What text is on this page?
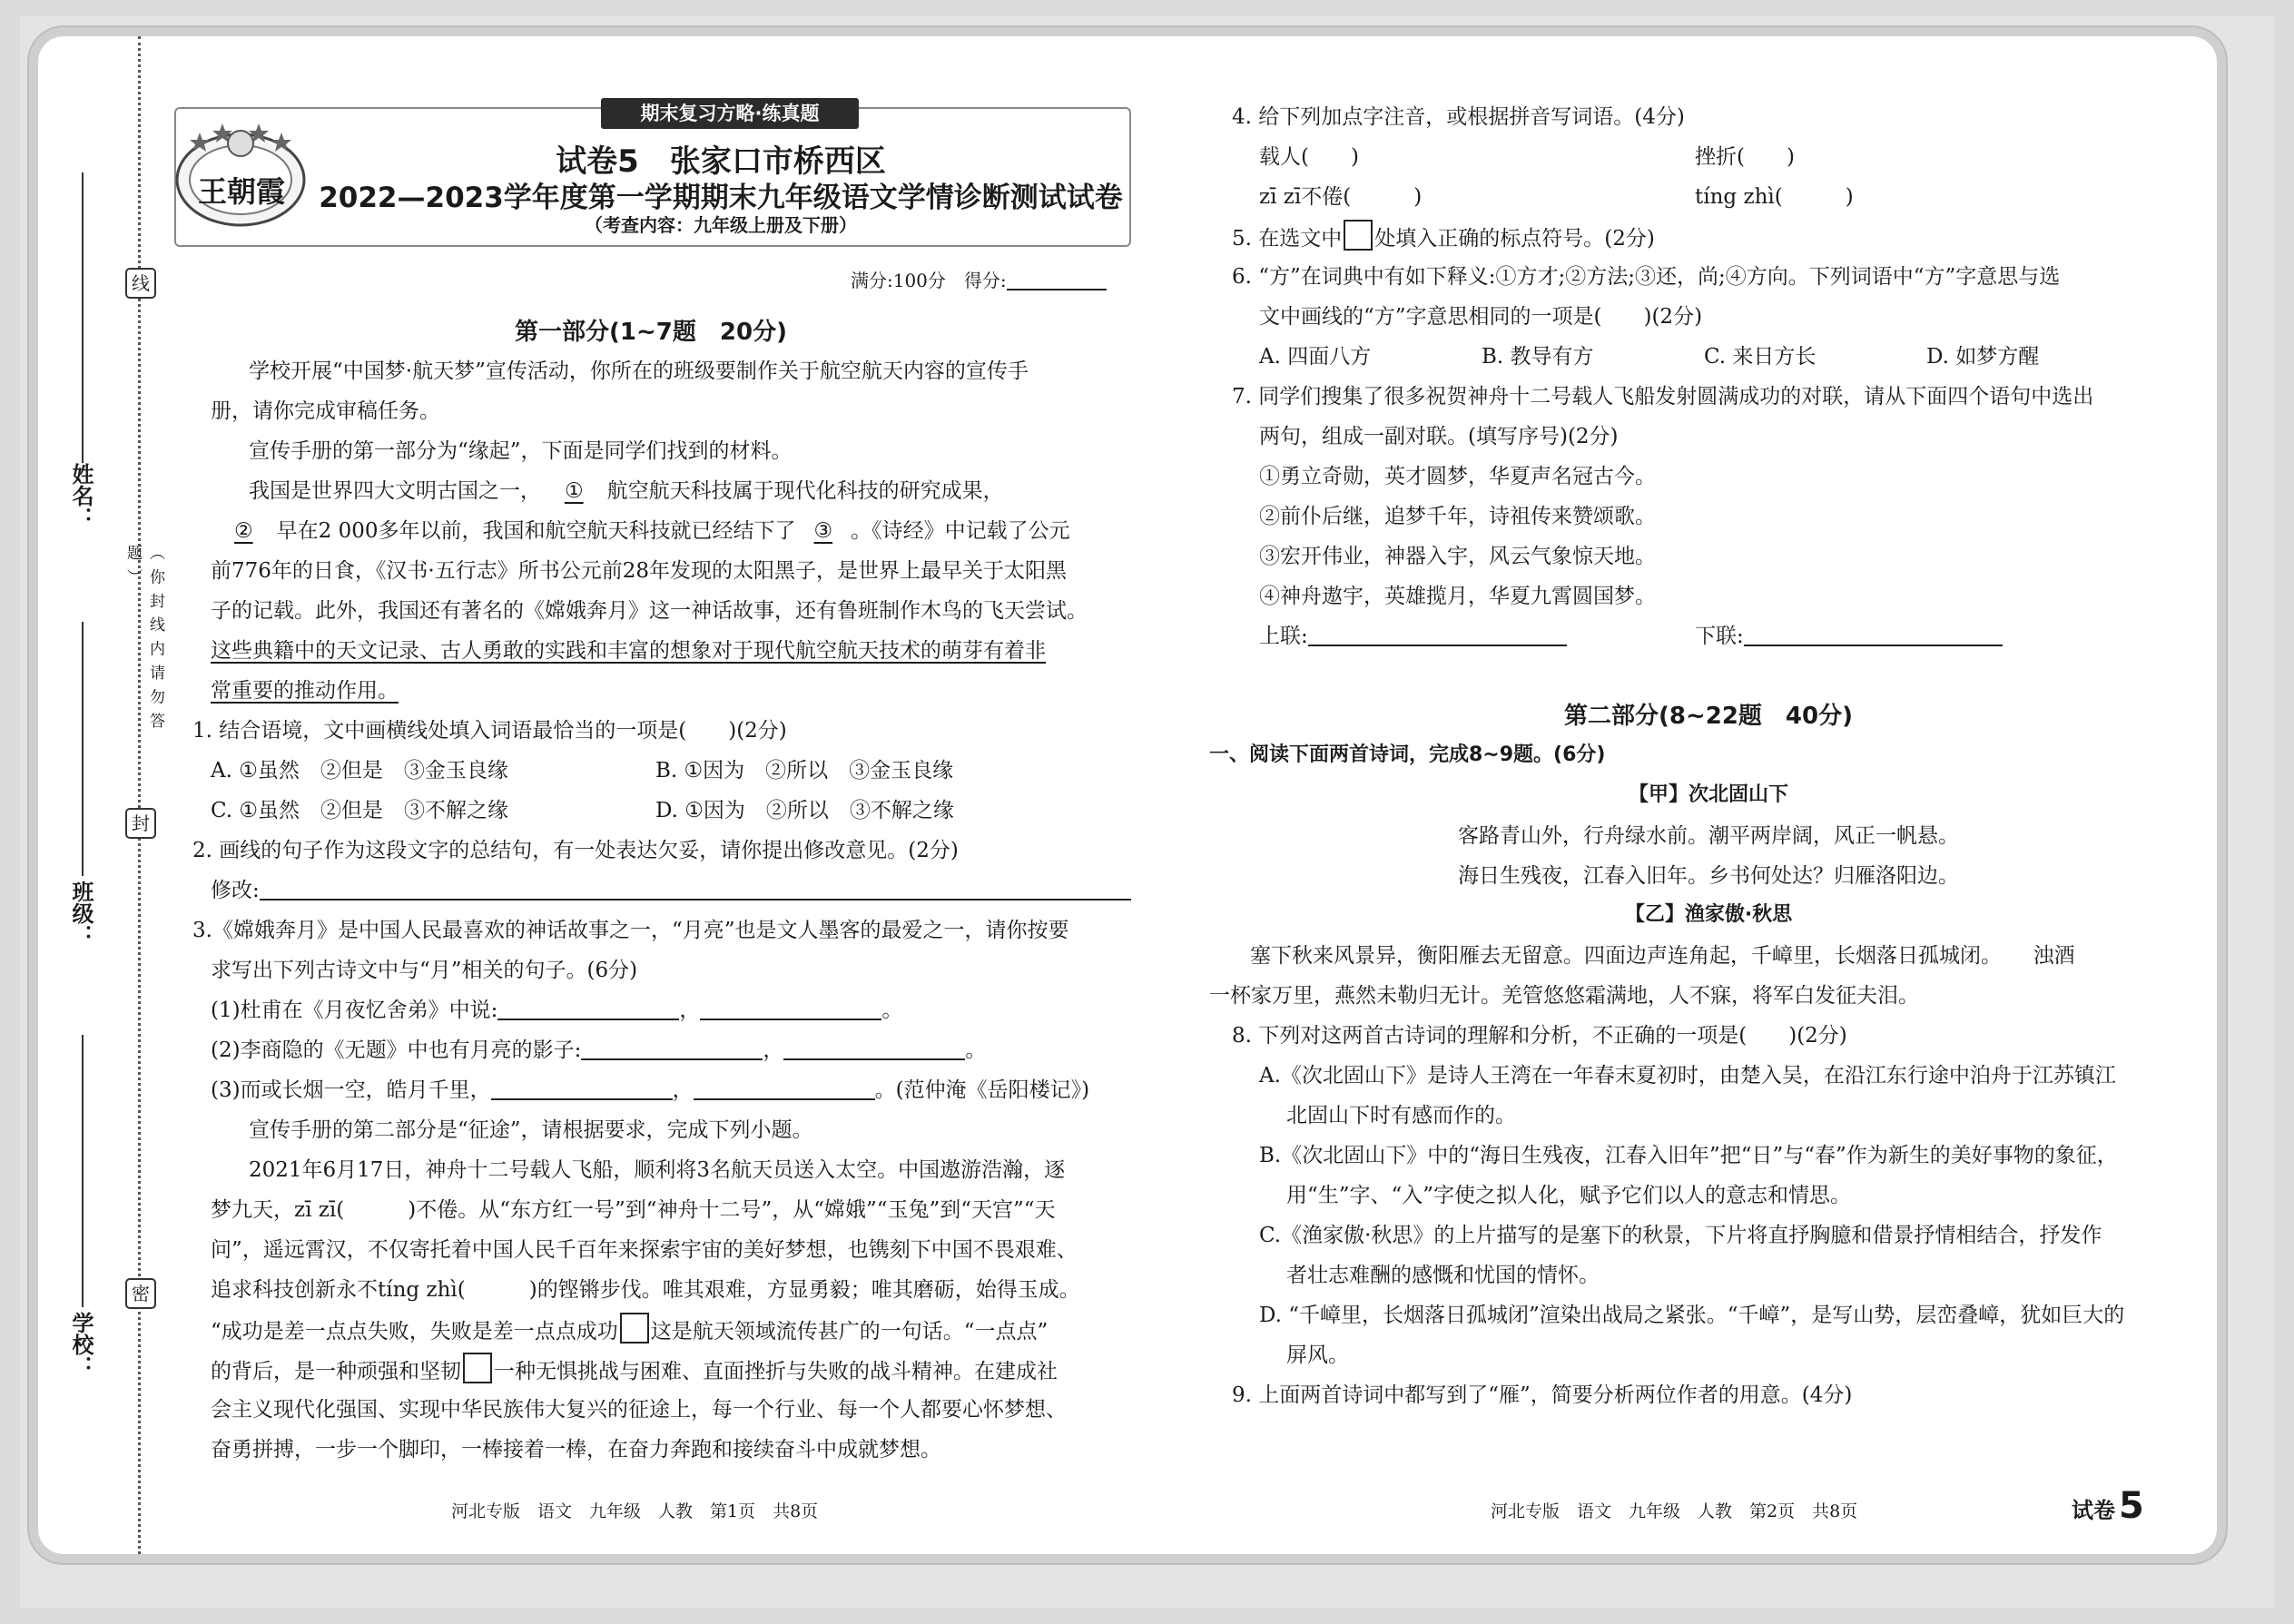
线
封
密
（ 你 封 线 内 请 勿 答 题 ）
姓名：
班级：
学校：
王朝霞
期末复习方略·练真题
试卷5　张家口市桥西区
2022—2023学年度第一学期期末九年级语文学情诊断测试试卷
（考查内容：九年级上册及下册）
满分:100分　得分:
第一部分(1~7题　20分)
学校开展“中国梦·航天梦”宣传活动，你所在的班级要制作关于航空航天内容的宣传手
册，请你完成审稿任务。
宣传手册的第一部分为“缘起”，下面是同学们找到的材料。
我国是世界四大文明古国之一， ① 航空航天科技属于现代化科技的研究成果，
② 早在2 000多年以前，我国和航空航天科技就已经结下了 ③ 。《诗经》中记载了公元
前776年的日食，《汉书·五行志》所书公元前28年发现的太阳黑子，是世界上最早关于太阳黑
子的记载。此外，我国还有著名的《嫦娥奔月》这一神话故事，还有鲁班制作木鸟的飞天尝试。
这些典籍中的天文记录、古人勇敢的实践和丰富的想象对于现代航空航天技术的萌芽有着非
常重要的推动作用。
1. 结合语境，文中画横线处填入词语最恰当的一项是(　　)(2分)
A. ①虽然　②但是　③金玉良缘	B. ①因为　②所以　③金玉良缘
C. ①虽然　②但是　③不解之缘	D. ①因为　②所以　③不解之缘
2. 画线的句子作为这段文字的总结句，有一处表达欠妥，请你提出修改意见。(2分)
修改:
3.《嫦娥奔月》是中国人民最喜欢的神话故事之一，“月亮”也是文人墨客的最爱之一，请你按要
求写出下列古诗文中与“月”相关的句子。(6分)
(1)杜甫在《月夜忆舍弟》中说:	，	。
(2)李商隐的《无题》中也有月亮的影子:	，	。
(3)而或长烟一空，皓月千里，	，	。(范仲淹《岳阳楼记》)
宣传手册的第二部分是“征途”，请根据要求，完成下列小题。
2021年6月17日，神舟十二号载人飞船，顺利将3名航天员送入太空。中国遨游浩瀚，逐
梦九天，zī zī(	)不倦。从“东方红一号”到“神舟十二号”，从“嫦娥”“玉兔”到“天宫”“天
问”，遥远霄汉，不仅寄托着中国人民千百年来探索宇宙的美好梦想，也镌刻下中国不畏艰难、
追求科技创新永不tíng zhì(	)的铿锵步伐。唯其艰难，方显勇毅；唯其磨砺，始得玉成。
“成功是差一点点失败，失败是差一点点成功 这是航天领域流传甚广的一句话。“一点点”
的背后，是一种顽强和坚韧 一种无惧挑战与困难、直面挫折与失败的战斗精神。在建成社
会主义现代化强国、实现中华民族伟大复兴的征途上，每一个行业、每一个人都要心怀梦想、
奋勇拼搏，一步一个脚印，一棒接着一棒，在奋力奔跑和接续奋斗中成就梦想。
河北专版　语文　九年级　人教　第1页　共8页
4. 给下列加点字注音，或根据拼音写词语。(4分)
载人(　　)	挫折(　　)
zī zī不倦(　　　)	tíng zhì(　　　)
5. 在选文中 处填入正确的标点符号。(2分)
6. “方”在词典中有如下释义:①方才;②方法;③还，尚;④方向。下列词语中“方”字意思与选
文中画线的“方”字意思相同的一项是(　　)(2分)
A. 四面八方	B. 教导有方	C. 来日方长	D. 如梦方醒
7. 同学们搜集了很多祝贺神舟十二号载人飞船发射圆满成功的对联，请从下面四个语句中选出
两句，组成一副对联。(填写序号)(2分)
①勇立奇勋，英才圆梦，华夏声名冠古今。
②前仆后继，追梦千年，诗祖传来赞颂歌。
③宏开伟业，神器入宇，风云气象惊天地。
④神舟遨宇，英雄揽月，华夏九霄圆国梦。
上联:	下联:
第二部分(8~22题　40分)
一、阅读下面两首诗词，完成8~9题。(6分)
【甲】次北固山下
客路青山外，行舟绿水前。潮平两岸阔，风正一帆悬。
海日生残夜，江春入旧年。乡书何处达？归雁洛阳边。
【乙】渔家傲·秋思
塞下秋来风景异，衡阳雁去无留意。四面边声连角起，千嶂里，长烟落日孤城闭。　　浊酒
一杯家万里，燕然未勒归无计。羌管悠悠霜满地，人不寐，将军白发征夫泪。
8. 下列对这两首古诗词的理解和分析，不正确的一项是(　　)(2分)
A.《次北固山下》是诗人王湾在一年春末夏初时，由楚入吴，在沿江东行途中泊舟于江苏镇江
北固山下时有感而作的。
B.《次北固山下》中的“海日生残夜，江春入旧年”把“日”与“春”作为新生的美好事物的象征，
用“生”字、“入”字使之拟人化，赋予它们以人的意志和情思。
C.《渔家傲·秋思》的上片描写的是塞下的秋景，下片将直抒胸臆和借景抒情相结合，抒发作
者壮志难酬的感慨和忧国的情怀。
D. “千嶂里，长烟落日孤城闭”渲染出战局之紧张。“千嶂”，是写山势，层峦叠嶂，犹如巨大的
屏风。
9. 上面两首诗词中都写到了“雁”，简要分析两位作者的用意。(4分)
河北专版　语文　九年级　人教　第2页　共8页	试卷 5
